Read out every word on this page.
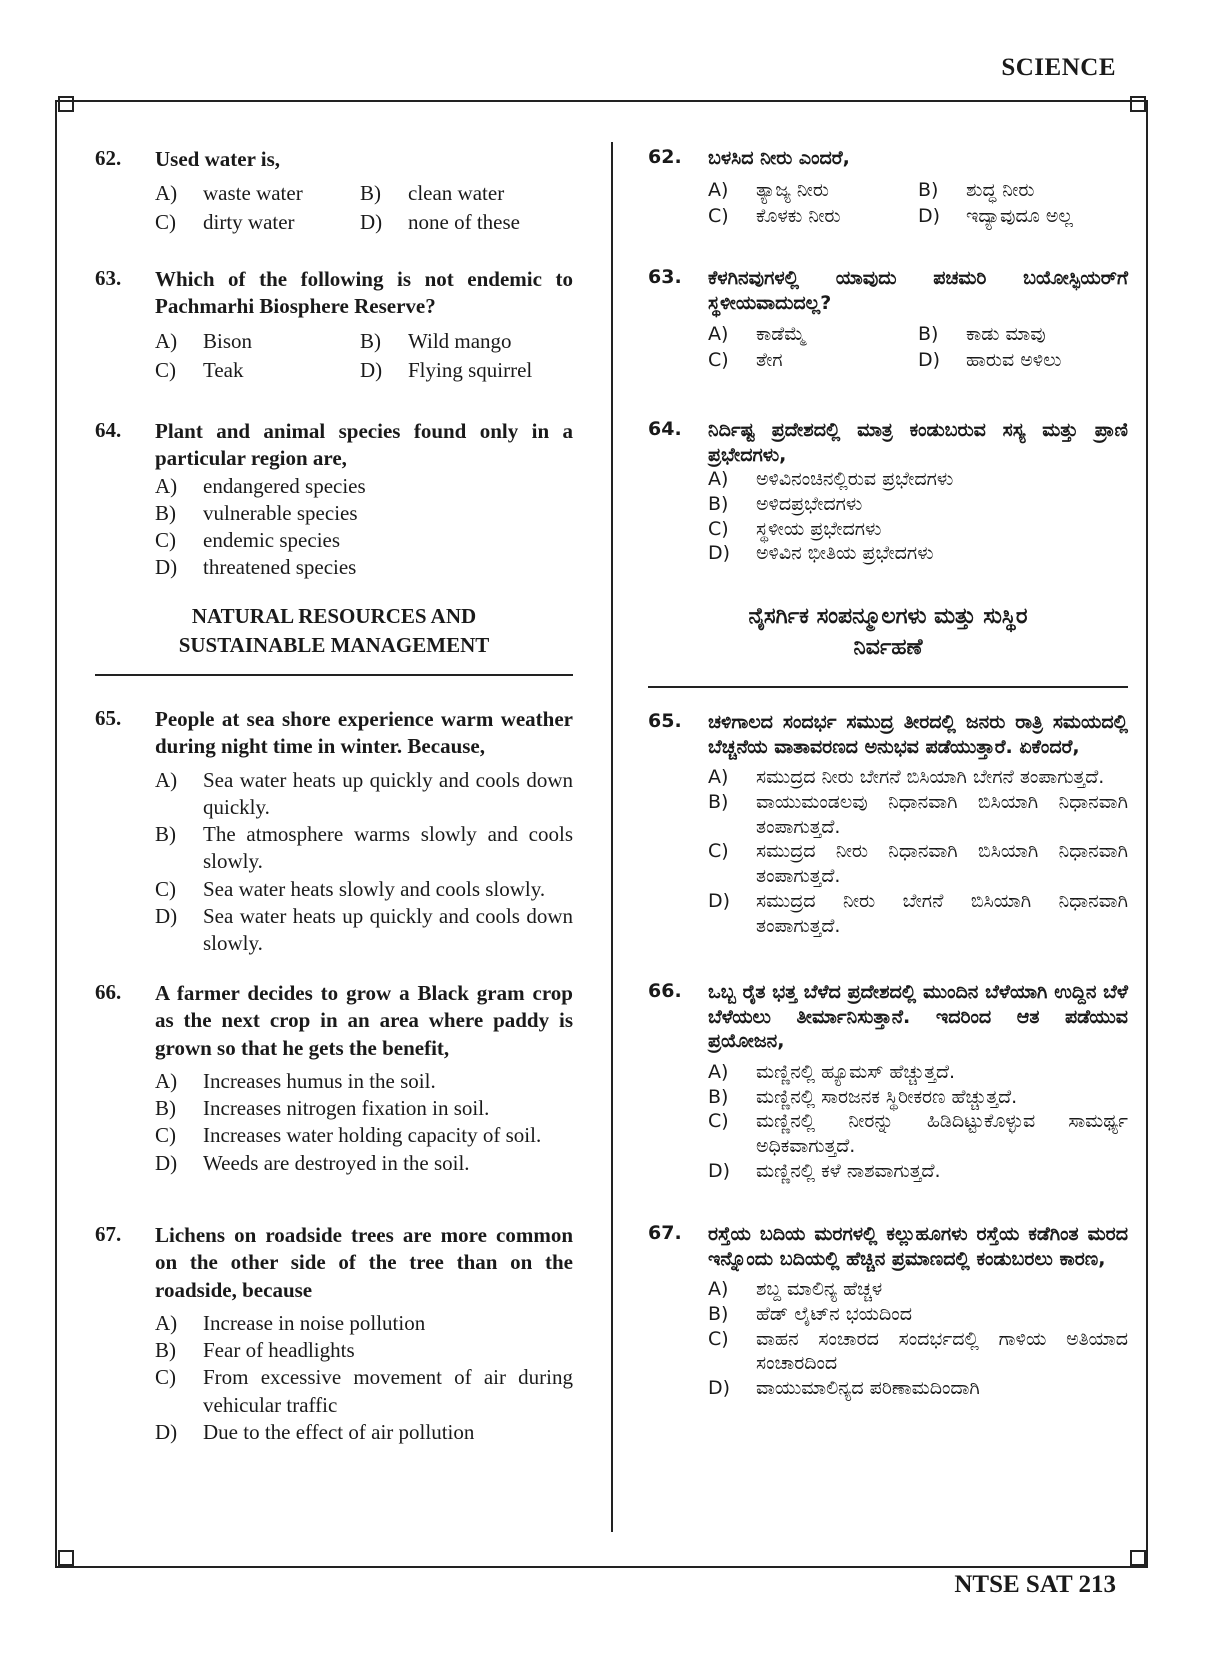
SCIENCE
62.	Used water is,
A)	waste water	B)	clean water
C)	dirty water	D)	none of these
63.	Which of the following is not endemic to Pachmarhi Biosphere Reserve?
A)	Bison	B)	Wild mango
C)	Teak	D)	Flying squirrel
64.	Plant and animal species found only in a particular region are,
A)	endangered species
B)	vulnerable species
C)	endemic species
D)	threatened species
NATURAL RESOURCES AND
SUSTAINABLE MANAGEMENT
65.	People at sea shore experience warm weather during night time in winter. Because,
A)	Sea water heats up quickly and cools down quickly.
B)	The atmosphere warms slowly and cools slowly.
C)	Sea water heats slowly and cools slowly.
D)	Sea water heats up quickly and cools down slowly.
66.	A farmer decides to grow a Black gram crop as the next crop in an area where paddy is grown so that he gets the benefit,
A)	Increases humus in the soil.
B)	Increases nitrogen fixation in soil.
C)	Increases water holding capacity of soil.
D)	Weeds are destroyed in the soil.
67.	Lichens on roadside trees are more common on the other side of the tree than on the roadside, because
A)	Increase in noise pollution
B)	Fear of headlights
C)	From excessive movement of air during vehicular traffic
D)	Due to the effect of air pollution
62.	ಬಳಸಿದ ನೀರು ಎಂದರೆ,
A)	ತ್ಯಾಜ್ಯ ನೀರು	B)	ಶುದ್ಧ ನೀರು
C)	ಕೊಳಕು ನೀರು	D)	ಇದ್ಯಾವುದೂ ಅಲ್ಲ
63.	ಕೆಳಗಿನವುಗಳಲ್ಲಿ ಯಾವುದು ಪಚಮರಿ ಬಯೋಸ್ಫಿಯರ್‌ಗೆ ಸ್ಥಳೀಯವಾದುದಲ್ಲ?
A)	ಕಾಡೆಮ್ಮೆ	B)	ಕಾಡು ಮಾವು
C)	ತೇಗ	D)	ಹಾರುವ ಅಳಿಲು
64.	ನಿರ್ದಿಷ್ಟ ಪ್ರದೇಶದಲ್ಲಿ ಮಾತ್ರ ಕಂಡುಬರುವ ಸಸ್ಯ ಮತ್ತು ಪ್ರಾಣಿ ಪ್ರಭೇದಗಳು,
A)	ಅಳಿವಿನಂಚಿನಲ್ಲಿರುವ ಪ್ರಭೇದಗಳು
B)	ಅಳಿದಪ್ರಭೇದಗಳು
C)	ಸ್ಥಳೀಯ ಪ್ರಭೇದಗಳು
D)	ಅಳಿವಿನ ಭೀತಿಯ ಪ್ರಭೇದಗಳು
ನೈಸರ್ಗಿಕ ಸಂಪನ್ಮೂಲಗಳು ಮತ್ತು ಸುಸ್ಥಿರ
ನಿರ್ವಹಣೆ
65.	ಚಳಿಗಾಲದ ಸಂದರ್ಭ ಸಮುದ್ರ ತೀರದಲ್ಲಿ ಜನರು ರಾತ್ರಿ ಸಮಯದಲ್ಲಿ ಬೆಚ್ಚನೆಯ ವಾತಾವರಣದ ಅನುಭವ ಪಡೆಯುತ್ತಾರೆ. ಏಕೆಂದರೆ,
A)	ಸಮುದ್ರದ ನೀರು ಬೇಗನೆ ಬಿಸಿಯಾಗಿ ಬೇಗನೆ ತಂಪಾಗುತ್ತದೆ.
B)	ವಾಯುಮಂಡಲವು ನಿಧಾನವಾಗಿ ಬಿಸಿಯಾಗಿ ನಿಧಾನವಾಗಿ ತಂಪಾಗುತ್ತದೆ.
C)	ಸಮುದ್ರದ ನೀರು ನಿಧಾನವಾಗಿ ಬಿಸಿಯಾಗಿ ನಿಧಾನವಾಗಿ ತಂಪಾಗುತ್ತದೆ.
D)	ಸಮುದ್ರದ ನೀರು ಬೇಗನೆ ಬಿಸಿಯಾಗಿ ನಿಧಾನವಾಗಿ ತಂಪಾಗುತ್ತದೆ.
66.	ಒಬ್ಬ ರೈತ ಭತ್ತ ಬೆಳೆದ ಪ್ರದೇಶದಲ್ಲಿ ಮುಂದಿನ ಬೆಳೆಯಾಗಿ ಉದ್ದಿನ ಬೆಳೆ ಬೆಳೆಯಲು ತೀರ್ಮಾನಿಸುತ್ತಾನೆ. ಇದರಿಂದ ಆತ ಪಡೆಯುವ ಪ್ರಯೋಜನ,
A)	ಮಣ್ಣಿನಲ್ಲಿ ಹ್ಯೂಮಸ್ ಹೆಚ್ಚುತ್ತದೆ.
B)	ಮಣ್ಣಿನಲ್ಲಿ ಸಾರಜನಕ ಸ್ಥಿರೀಕರಣ ಹೆಚ್ಚುತ್ತದೆ.
C)	ಮಣ್ಣಿನಲ್ಲಿ ನೀರನ್ನು ಹಿಡಿದಿಟ್ಟುಕೊಳ್ಳುವ ಸಾಮರ್ಥ್ಯ ಅಧಿಕವಾಗುತ್ತದೆ.
D)	ಮಣ್ಣಿನಲ್ಲಿ ಕಳೆ ನಾಶವಾಗುತ್ತದೆ.
67.	ರಸ್ತೆಯ ಬದಿಯ ಮರಗಳಲ್ಲಿ ಕಲ್ಲುಹೂಗಳು ರಸ್ತೆಯ ಕಡೆಗಿಂತ ಮರದ ಇನ್ನೊಂದು ಬದಿಯಲ್ಲಿ ಹೆಚ್ಚಿನ ಪ್ರಮಾಣದಲ್ಲಿ ಕಂಡುಬರಲು ಕಾರಣ,
A)	ಶಬ್ದ ಮಾಲಿನ್ಯ ಹೆಚ್ಚಳ
B)	ಹೆಡ್ ಲೈಟ್‌ನ ಭಯದಿಂದ
C)	ವಾಹನ ಸಂಚಾರದ ಸಂದರ್ಭದಲ್ಲಿ ಗಾಳಿಯ ಅತಿಯಾದ ಸಂಚಾರದಿಂದ
D)	ವಾಯುಮಾಲಿನ್ಯದ ಪರಿಣಾಮದಿಂದಾಗಿ
NTSE SAT 213
